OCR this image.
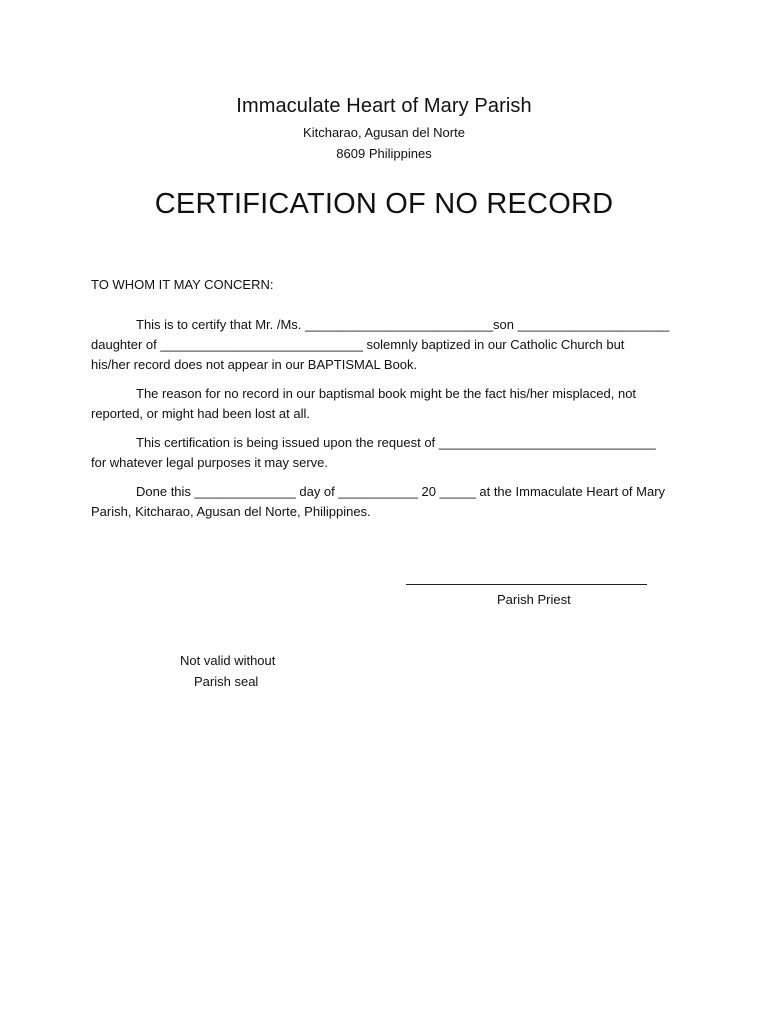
Immaculate Heart of Mary Parish
Kitcharao, Agusan del Norte
8609 Philippines
CERTIFICATION OF NO RECORD
TO WHOM IT MAY CONCERN:
This is to certify that Mr. /Ms. __________________________son _____________________
daughter of ____________________________ solemnly baptized in our Catholic Church but
his/her record does not appear in our BAPTISMAL Book.
The reason for no record in our baptismal book might be the fact his/her misplaced, not
reported, or might had been lost at all.
This certification is being issued upon the request of ______________________________
for whatever legal purposes it may serve.
Done this ______________ day of ___________ 20 _____ at the Immaculate Heart of Mary
Parish, Kitcharao, Agusan del Norte, Philippines.
Parish Priest
Not valid without
Parish seal
